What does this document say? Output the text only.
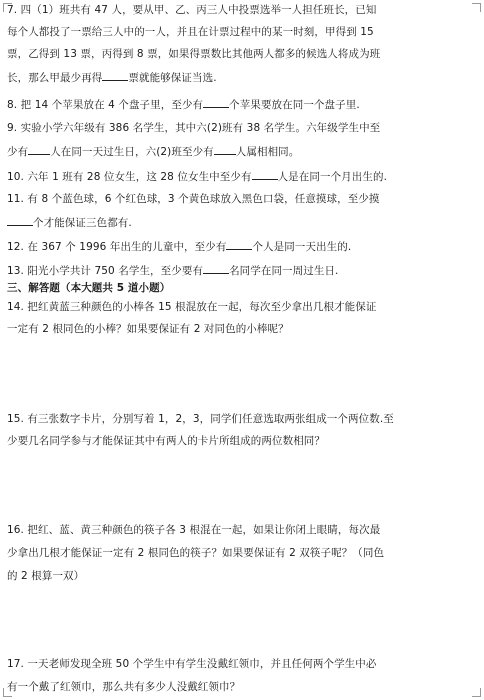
7. 四（1）班共有 47 人，要从甲、乙、丙三人中投票选举一人担任班长，已知
每个人都投了一票给三人中的一人，并且在计票过程中的某一时刻，甲得到 15
票，乙得到 13 票，丙得到 8 票，如果得票数比其他两人都多的候选人将成为班
长，那么甲最少再得 票就能够保证当选.
8. 把 14 个苹果放在 4 个盘子里，至少有 个苹果要放在同一个盘子里.
9. 实验小学六年级有 386 名学生，其中六(2)班有 38 名学生。六年级学生中至
少有 人在同一天过生日，六(2)班至少有 人属相相同。
10. 六年 1 班有 28 位女生，这 28 位女生中至少有 人是在同一个月出生的.
11. 有 8 个蓝色球，6 个红色球，3 个黄色球放入黑色口袋，任意摸球，至少摸
个才能保证三色都有.
12. 在 367 个 1996 年出生的儿童中，至少有 个人是同一天出生的.
13. 阳光小学共计 750 名学生，至少要有 名同学在同一周过生日.
三、解答题（本大题共 5 道小题）
14. 把红黄蓝三种颜色的小棒各 15 根混放在一起，每次至少拿出几根才能保证
一定有 2 根同色的小棒？如果要保证有 2 对同色的小棒呢？
15. 有三张数字卡片，分别写着 1，2，3，同学们任意选取两张组成一个两位数.至
少要几名同学参与才能保证其中有两人的卡片所组成的两位数相同？
16. 把红、蓝、黄三种颜色的筷子各 3 根混在一起，如果让你闭上眼睛，每次最
少拿出几根才能保证一定有 2 根同色的筷子？如果要保证有 2 双筷子呢？（同色
的 2 根算一双）
17. 一天老师发现全班 50 个学生中有学生没戴红领巾，并且任何两个学生中必
有一个戴了红领巾，那么共有多少人没戴红领巾？
